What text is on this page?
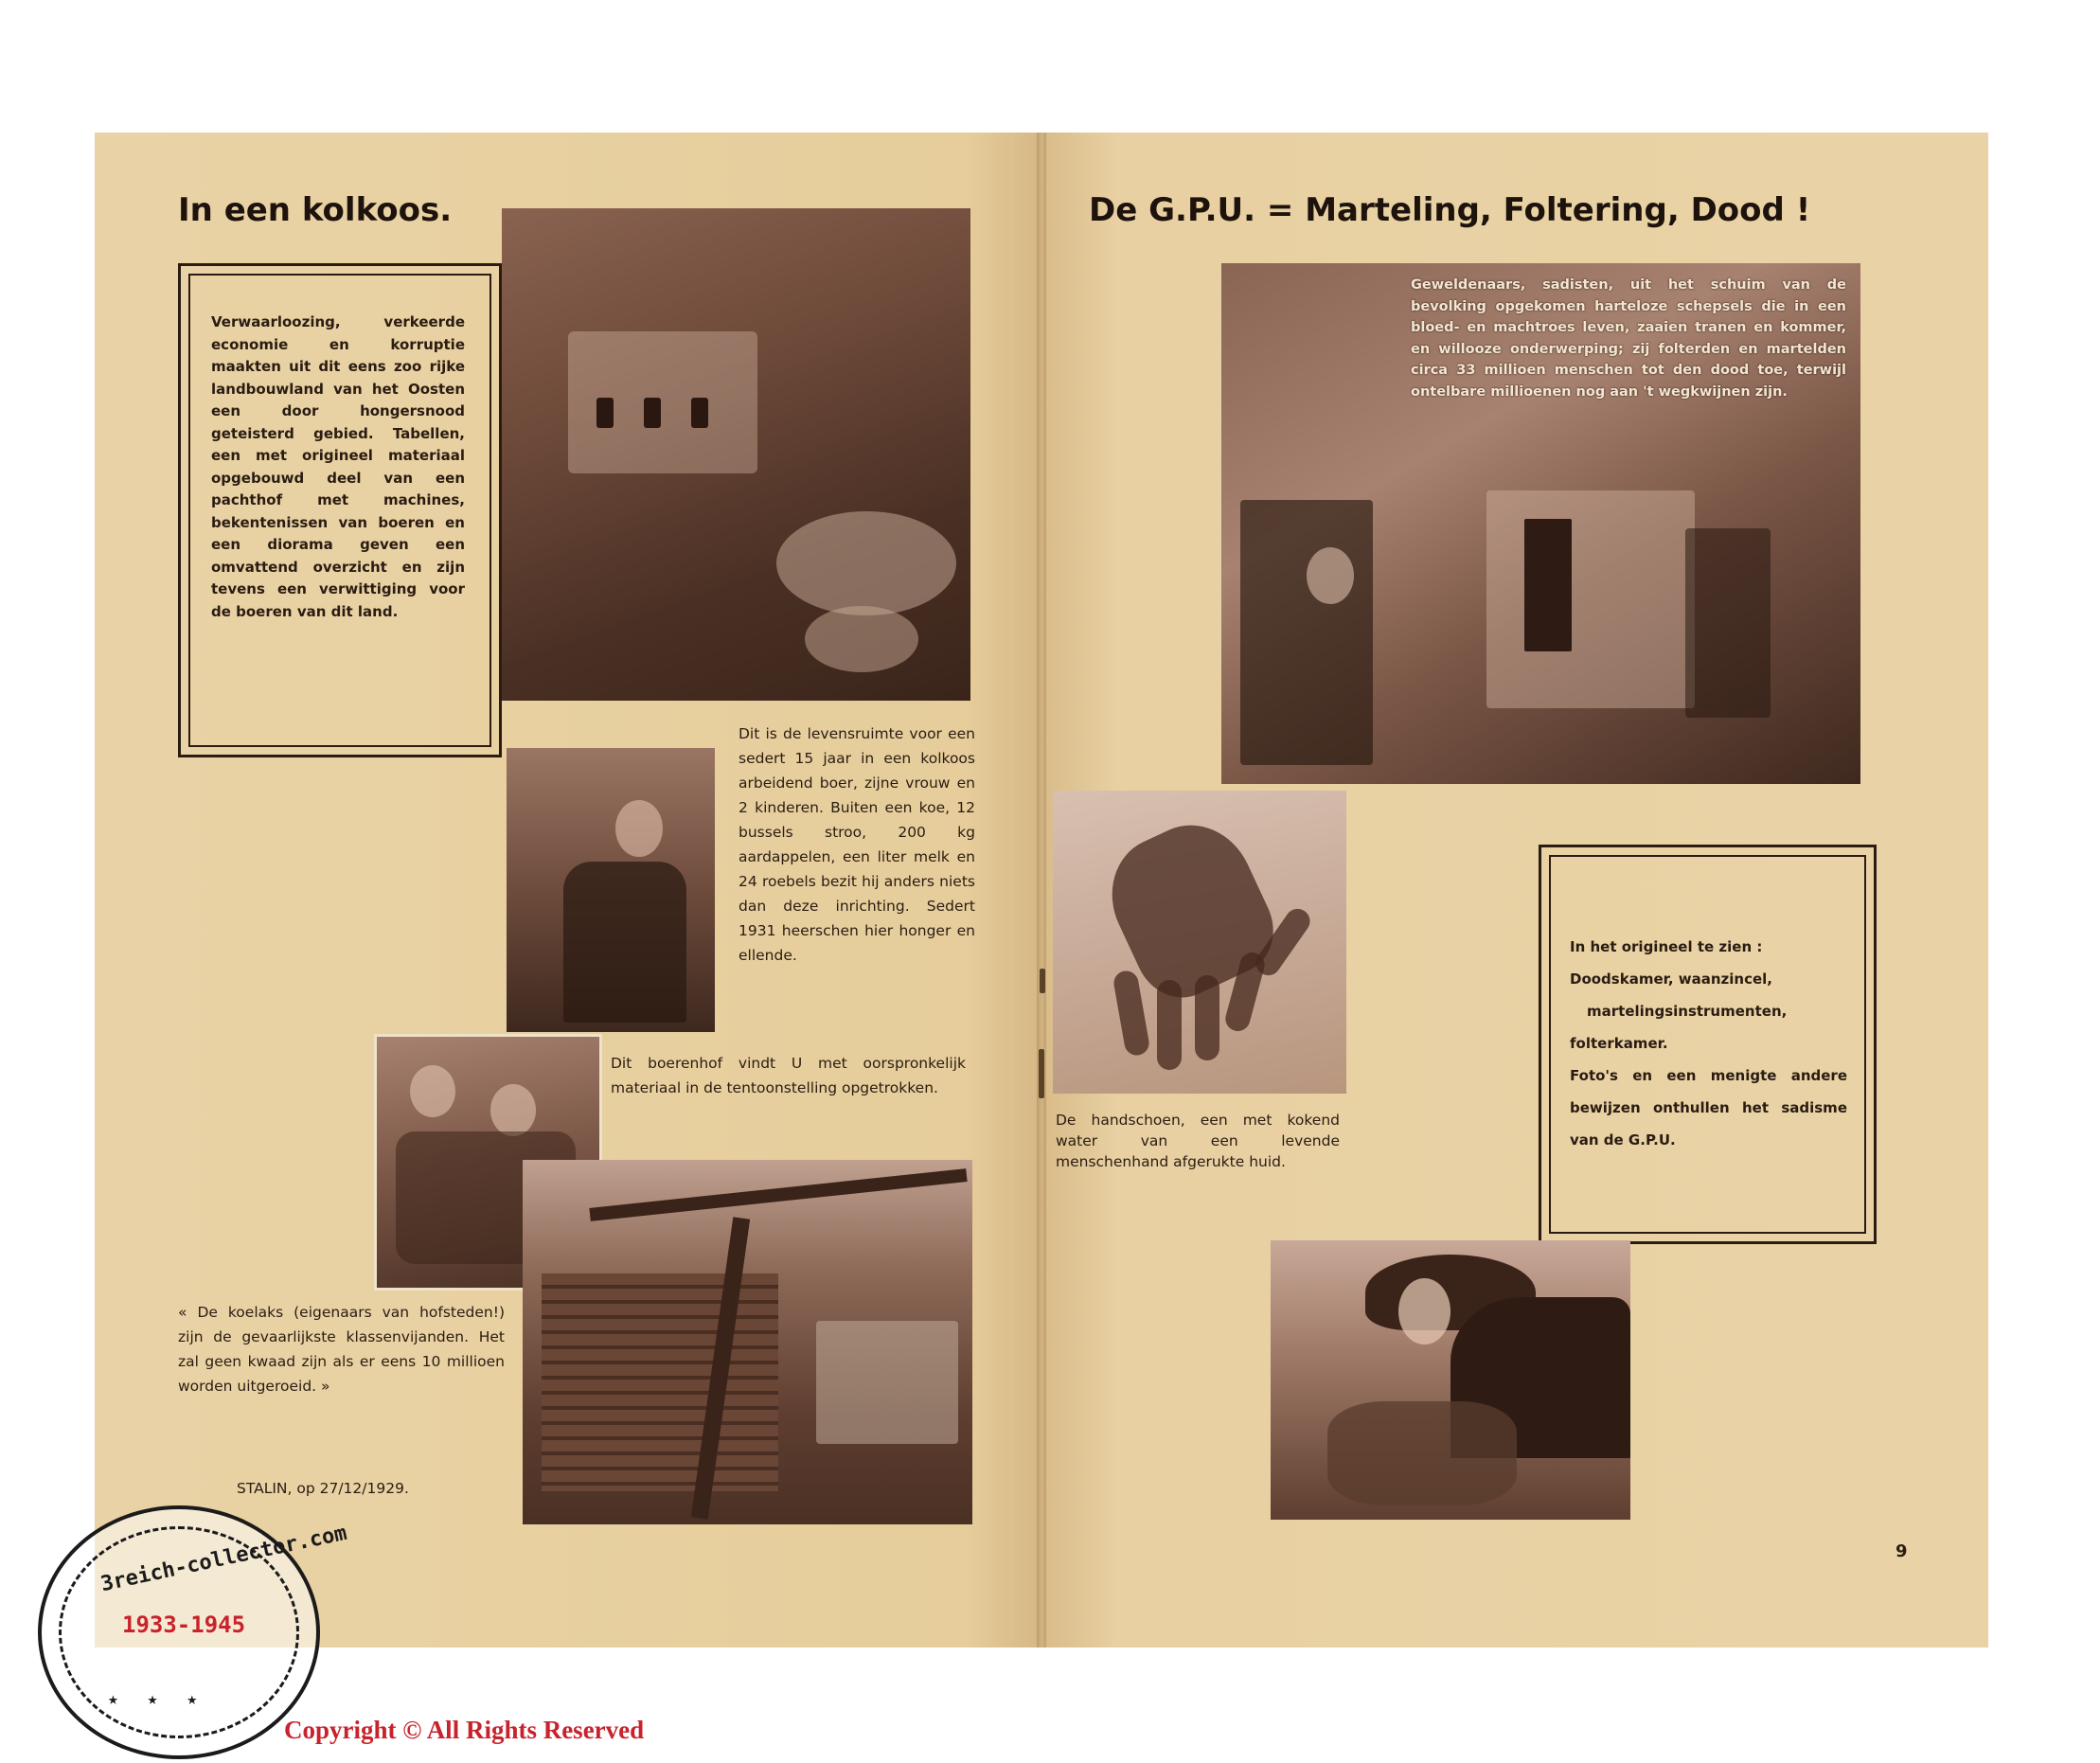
In een kolkoos.

Verwaarloozing, verkeerde economie en korruptie maakten uit dit eens zoo rijke landbouwland van het Oosten een door hongersnood geteisterd gebied. Tabellen, een met origineel materiaal opgebouwd deel van een pachthof met machines, bekentenissen van boeren en een diorama geven een omvattend overzicht en zijn tevens een verwittiging voor de boeren van dit land.

Dit is de levensruimte voor een sedert 15 jaar in een kolkoos arbeidend boer, zijne vrouw en 2 kinderen. Buiten een koe, 12 bussels stroo, 200 kg aardappelen, een liter melk en 24 roebels bezit hij anders niets dan deze inrichting. Sedert 1931 heerschen hier honger en ellende.

Dit boerenhof vindt U met oorspronkelijk materiaal in de tentoonstelling opgetrokken.

« De koelaks (eigenaars van hofsteden!) zijn de gevaarlijkste klassenvijanden. Het zal geen kwaad zijn als er eens 10 millioen worden uitgeroeid. »

STALIN, op 27/12/1929.

De G.P.U. = Marteling, Foltering, Dood !

Geweldenaars, sadisten, uit het schuim van de bevolking opgekomen harteloze schepsels die in een bloed- en machtroes leven, zaaien tranen en kommer, en willooze onderwerping; zij folterden en martelden circa 33 millioen menschen tot den dood toe, terwijl ontelbare millioenen nog aan 't wegkwijnen zijn.

De handschoen, een met kokend water van een levende menschenhand afgerukte huid.

In het origineel te zien :
Doodskamer, waanzincel,
martelingsinstrumenten,
folterkamer.
Foto's en een menigte andere bewijzen onthullen het sadisme van de G.P.U.
9
3reich-collector.com
1933-1945
★ ★ ★
Copyright © All Rights Reserved
